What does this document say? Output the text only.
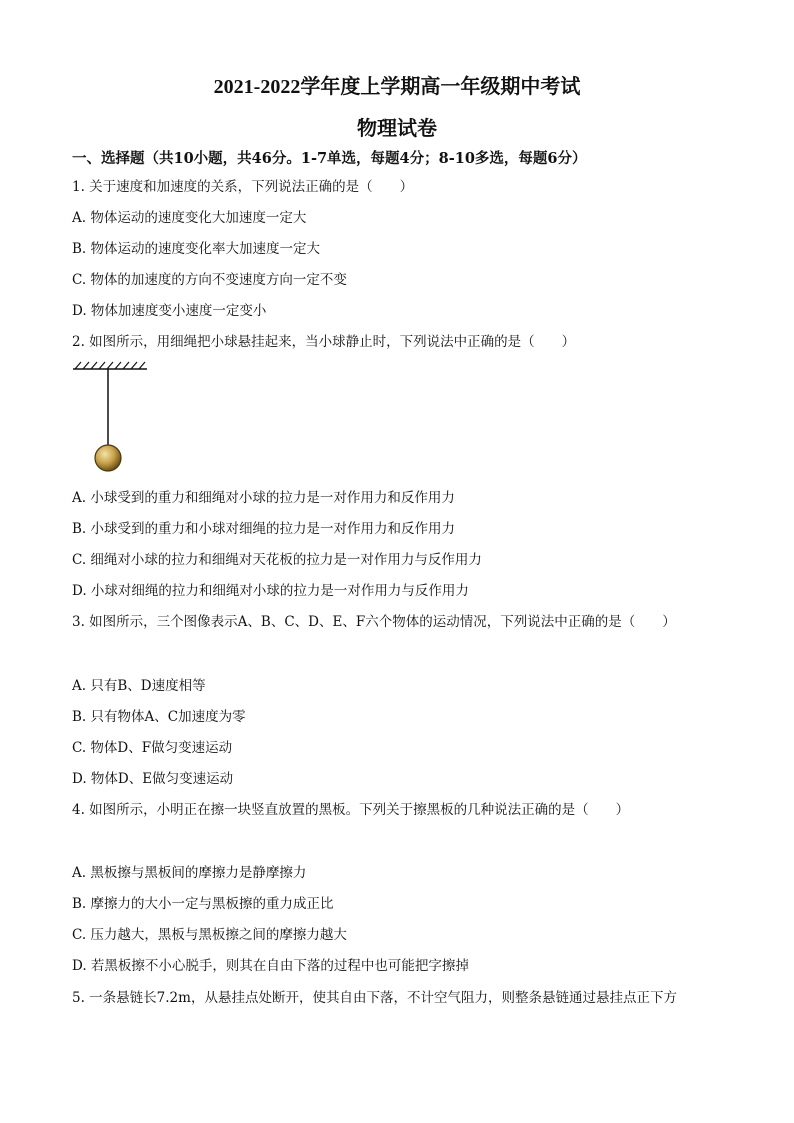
2021-2022学年度上学期高一年级期中考试
物理试卷
一、选择题（共10小题，共46分。1-7单选，每题4分；8-10多选，每题6分）
1. 关于速度和加速度的关系，下列说法正确的是（　　）
A. 物体运动的速度变化大加速度一定大
B. 物体运动的速度变化率大加速度一定大
C. 物体的加速度的方向不变速度方向一定不变
D. 物体加速度变小速度一定变小
2. 如图所示，用细绳把小球悬挂起来，当小球静止时，下列说法中正确的是（　　）
A. 小球受到的重力和细绳对小球的拉力是一对作用力和反作用力
B. 小球受到的重力和小球对细绳的拉力是一对作用力和反作用力
C. 细绳对小球的拉力和细绳对天花板的拉力是一对作用力与反作用力
D. 小球对细绳的拉力和细绳对小球的拉力是一对作用力与反作用力
3. 如图所示，三个图像表示A、B、C、D、E、F六个物体的运动情况，下列说法中正确的是（　　）
A. 只有B、D速度相等
B. 只有物体A、C加速度为零
C. 物体D、F做匀变速运动
D. 物体D、E做匀变速运动
4. 如图所示，小明正在擦一块竖直放置的黑板。下列关于擦黑板的几种说法正确的是（　　）
A. 黑板擦与黑板间的摩擦力是静摩擦力
B. 摩擦力的大小一定与黑板擦的重力成正比
C. 压力越大，黑板与黑板擦之间的摩擦力越大
D. 若黑板擦不小心脱手，则其在自由下落的过程中也可能把字擦掉
5. 一条悬链长7.2m，从悬挂点处断开，使其自由下落，不计空气阻力，则整条悬链通过悬挂点正下方
